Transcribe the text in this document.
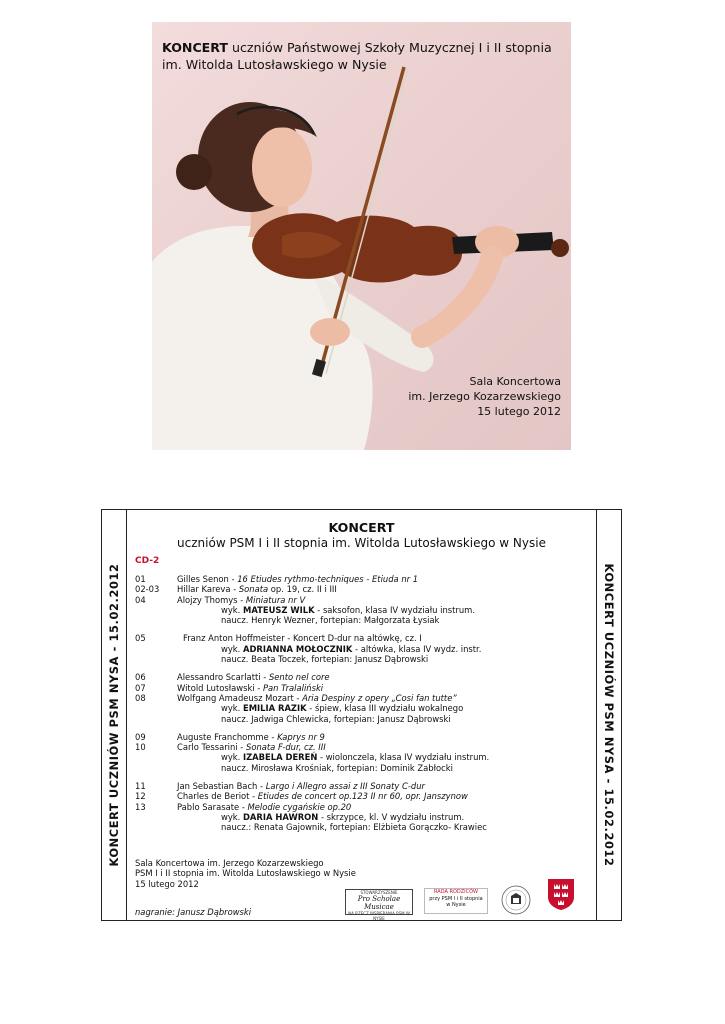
KONCERT uczniów Państwowej Szkoły Muzycznej I i II stopnia
im. Witolda Lutosławskiego w Nysie
Sala Koncertowa
im. Jerzego Kozarzewskiego
15 lutego 2012
KONCERT UCZNIÓW PSM NYSA - 15.02.2012	KONCERT UCZNIÓW PSM NYSA - 15.02.2012
KONCERT
uczniów PSM I i II stopnia im. Witolda Lutosławskiego w Nysie
CD-2
01	Gilles Senon - 16 Etiudes rythmo-techniques - Etiuda nr 1
02-03	Hillar Kareva - Sonata op. 19, cz. II i III
04	Alojzy Thomys - Miniatura nr V
wyk. MATEUSZ WILK - saksofon, klasa IV wydziału instrum.
naucz. Henryk Wezner, fortepian: Małgorzata Łysiak
05	Franz Anton Hoffmeister - Koncert D-dur na altówkę, cz. I
wyk. ADRIANNA MOŁOCZNIK - altówka, klasa IV wydz. instr.
naucz. Beata Toczek, fortepian: Janusz Dąbrowski
06	Alessandro Scarlatti - Sento nel core
07	Witold Lutosławski - Pan Tralaliński
08	Wolfgang Amadeusz Mozart - Aria Despiny z opery „Cosi fan tutte”
wyk. EMILIA RAZIK - śpiew, klasa III wydziału wokalnego
naucz. Jadwiga Chlewicka, fortepian: Janusz Dąbrowski
09	Auguste Franchomme - Kaprys nr 9
10	Carlo Tessarini - Sonata F-dur, cz. III
wyk. IZABELA DEREŃ - wiolonczela, klasa IV wydziału instrum.
naucz. Mirosława Krośniak, fortepian: Dominik Zabłocki
11	Jan Sebastian Bach - Largo i Allegro assai z III Sonaty C-dur
12	Charles de Beriot - Etiudes de concert op.123 II nr 60, opr. Janszynow
13	Pablo Sarasate - Melodie cygańskie op.20
wyk. DARIA HAWRON - skrzypce, kl. V wydziału instrum.
naucz.: Renata Gajownik, fortepian: Elżbieta Gorączko- Krawiec
Sala Koncertowa im. Jerzego Kozarzewskiego
PSM I i II stopnia im. Witolda Lutosławskiego w Nysie
15 lutego 2012
nagranie: Janusz Dąbrowski
STOWARZYSZENIE
Pro Scholae Musicae
NA RZECZ WSPIERANIA PSM W NYSIE
RADA RODZICÓW
przy PSM I i II stopnia
w Nysie
